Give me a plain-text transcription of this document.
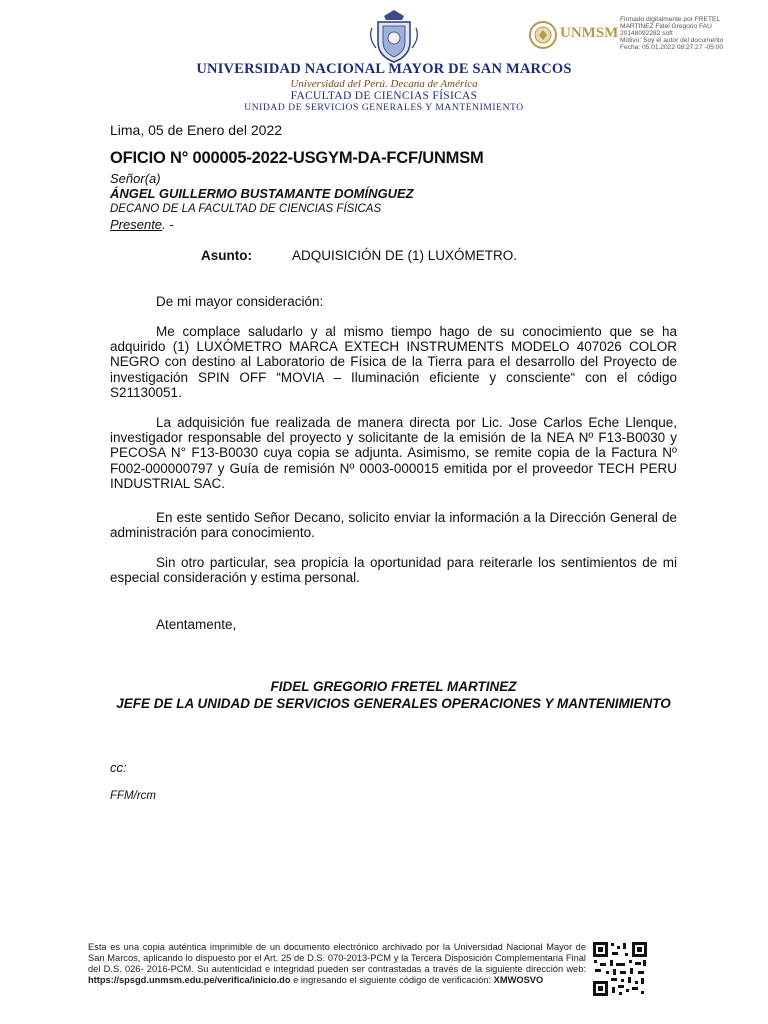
UNIVERSIDAD NACIONAL MAYOR DE SAN MARCOS
Universidad del Perú. Decana de América
FACULTAD DE CIENCIAS FÍSICAS
UNIDAD DE SERVICIOS GENERALES Y MANTENIMIENTO
UNMSM
Firmado digitalmente por FRETEL
MARTINEZ Fidel Gregorio FAU
20148092282 soft
Motivo: Soy el autor del documento
Fecha: 05.01.2022 08:27:27 -05:00
Lima, 05 de Enero del 2022
OFICIO N° 000005-2022-USGYM-DA-FCF/UNMSM
Señor(a)
ÁNGEL GUILLERMO BUSTAMANTE DOMÍNGUEZ
DECANO DE LA FACULTAD DE CIENCIAS FÍSICAS
Presente. -
Asunto:	ADQUISICIÓN DE (1) LUXÓMETRO.
De mi mayor consideración:
Me complace saludarlo y al mismo tiempo hago de su conocimiento que se ha adquirido (1) LUXÓMETRO MARCA EXTECH INSTRUMENTS MODELO 407026 COLOR NEGRO con destino al Laboratorio de Física de la Tierra para el desarrollo del Proyecto de investigación SPIN OFF “MOVIA – Iluminación eficiente y consciente“ con el código S21130051.
La adquisición fue realizada de manera directa por Lic. Jose Carlos Eche Llenque, investigador responsable del proyecto y solicitante de la emisión de la NEA Nº F13-B0030 y PECOSA N° F13-B0030 cuya copia se adjunta. Asimismo, se remite copia de la Factura Nº F002-000000797 y Guía de remisión Nº 0003-000015 emitida por el proveedor TECH PERU INDUSTRIAL SAC.
En este sentido Señor Decano, solicito enviar la información a la Dirección General de administración para conocimiento.
Sin otro particular, sea propicia la oportunidad para reiterarle los sentimientos de mi especial consideración y estima personal.
Atentamente,
FIDEL GREGORIO FRETEL MARTINEZ
JEFE DE LA UNIDAD DE SERVICIOS GENERALES OPERACIONES Y MANTENIMIENTO
cc:
FFM/rcm
Esta es una copia auténtica imprimible de un documento electrónico archivado por la Universidad Nacional Mayor de San Marcos, aplicando lo dispuesto por el Art. 25 de D.S. 070-2013-PCM y la Tercera Disposición Complementaria Final del D.S. 026- 2016-PCM. Su autenticidad e integridad pueden ser contrastadas a través de la siguiente dirección web: https://spsgd.unmsm.edu.pe/verifica/inicio.do e ingresando el siguiente código de verificación: XMWOSVO
